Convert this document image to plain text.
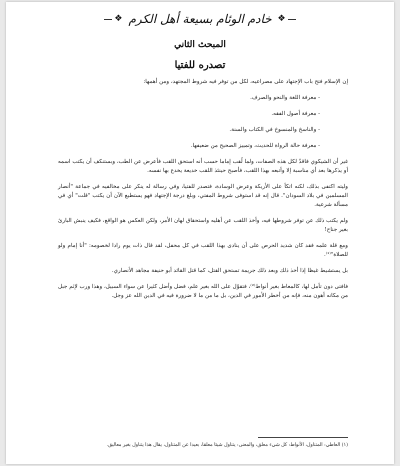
❖
خادم الوئام بسيعة أهل الكرم
❖
المبحث الثاني
تصدره للفتيا

إن الإسلام فتح باب الإجتهاد على مصراعيه، لكل من توفر فيه شروط المجتهد، ومن أهمها:

- معرفة اللغة والنحو والصرف.
- معرفة أصول الفقه.
- والناسخ والمنسوخ في الكتاب والسنة.
- معرفة حالة الرواة للحديث، وتمييز الصحيح من ضعيفها.

غير أن الشيكوي فاقدٌ لكل هذه الصفات، ولما لُقب إماما حسب أنه استحق اللقب فأعرض عن الطب، وبستنكف أن يكتب اسمه أو يذكرها بعد أي مناسبة إلا وأتبعه بهذا اللقب، فأصبح حينئذ اللقب خديعة يخدع بها نفسه.

وليته اكتفى بذلك، لكنه اتكأ على الأريكة وعرض الوسادة، فتصدر للفتيا، وفي رسالة له ينكر على مخالفيه في جماعة "أنصار المسلمين في بلاد السودان". قال إنه قد استوفى شروط المفتي، وبلغ درجة الإجتهاد فهو يستطيع الآن أن يكتب "قلت" أي في مسألة شرعية.

ولم يكتب ذلك عن توفر شروطها فيه، وأخذ اللقب عن أهليه واستحقاق لهان الأمر، ولكن العكس هو الواقع، فكيف ينبش البارئ بغير جناح!

ومع قلة علمه فقد كان شديد الحرص على أن ينادى بهذا اللقب في كل محفل، لقد قال ذات يوم رادا لخصومه: "أنا إمام ولو للصلاة"⁽¹⁾.

بل يستشيط غيظا إذا أخذ ذلك وبعد ذلك جريمة تستحق القتل، كما قتل القائد أبو حنيفة مجاهد الأنصاري.

فافتى دون تأمل لها، كالمعاط بغير أنواط⁽²⁾، فتقوّل على الله بغير علم، فضل وأضل كثيرا عن سواء السبيل، وهذا ورب لإثم جبل من مكانه أهون منه، فإنه من أخطر الأمور في الدين، بل ما من ما لا ضرورة فيه في الدين الله عز وجل.

(١) العاطي: المتناول، الأنواط: كل شيء معلق، والمعنى: يتناول شيئا معلقا، بعيدا عن المتناول، يقال هذا يتناول بغير معاليق.
